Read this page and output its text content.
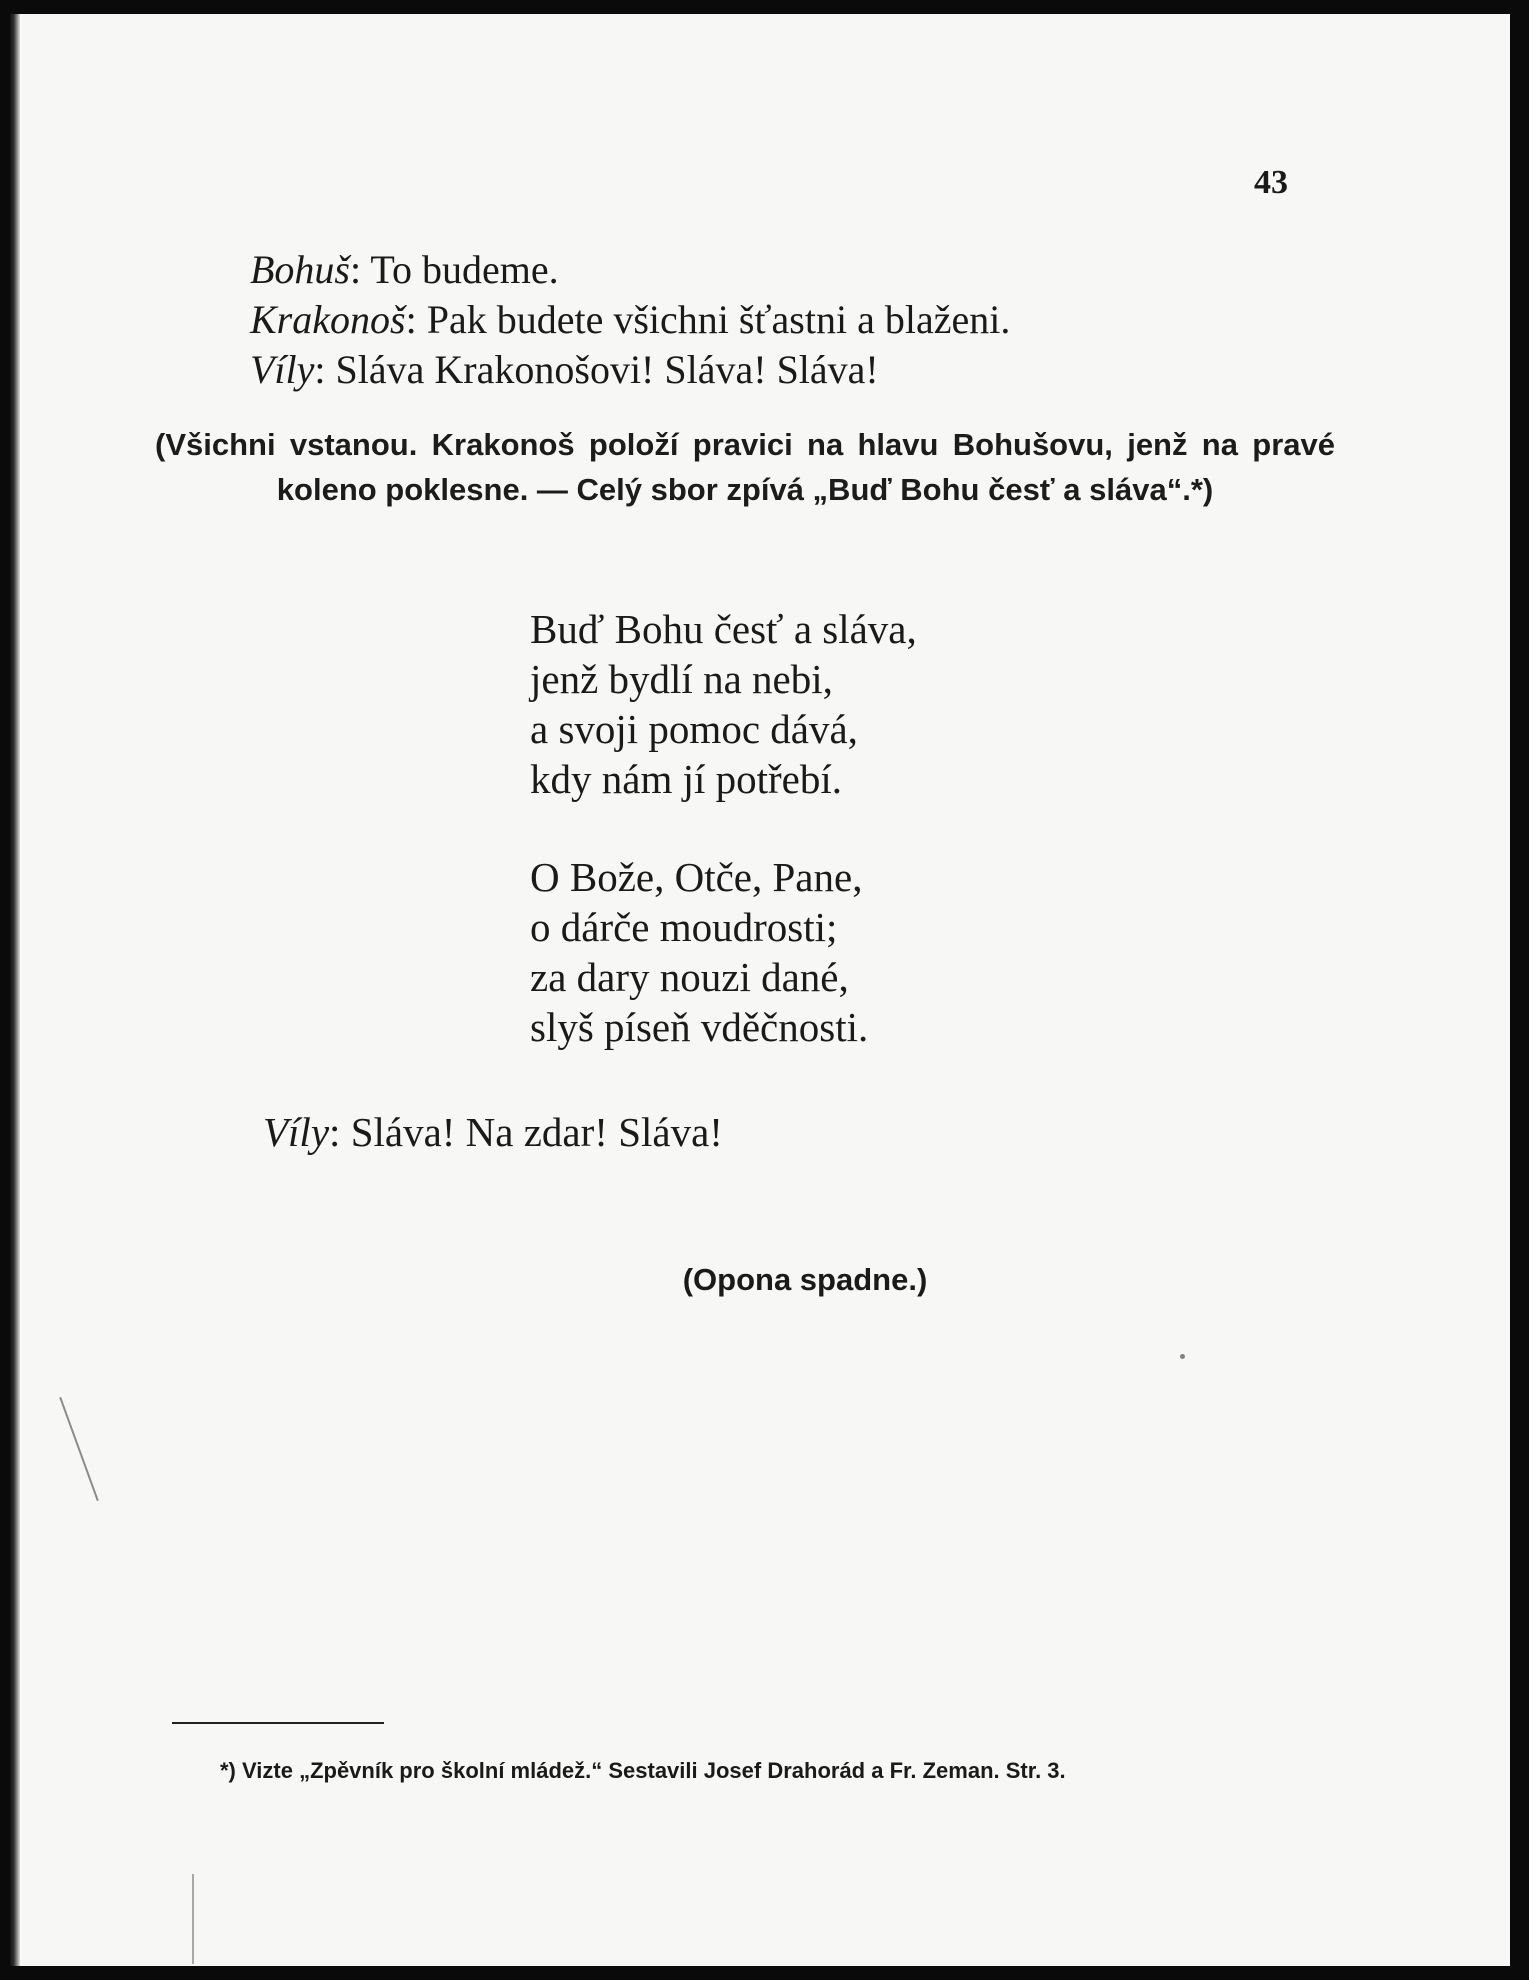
43
Bohuš: To budeme.
Krakonoš: Pak budete všichni šťastni a blaženi.
Víly: Sláva Krakonošovi! Sláva! Sláva!
(Všichni vstanou. Krakonoš položí pravici na hlavu Bohušovu, jenž na pravé koleno poklesne. — Celý sbor zpívá „Buď Bohu česť a sláva“.*)
Buď Bohu česť a sláva,
jenž bydlí na nebi,
a svoji pomoc dává,
kdy nám jí potřebí.
O Bože, Otče, Pane,
o dárče moudrosti;
za dary nouzi dané,
slyš píseň vděčnosti.
Víly: Sláva! Na zdar! Sláva!
(Opona spadne.)
*) Vizte „Zpěvník pro školní mládež.“ Sestavili Josef Drahorád a Fr. Zeman. Str. 3.
